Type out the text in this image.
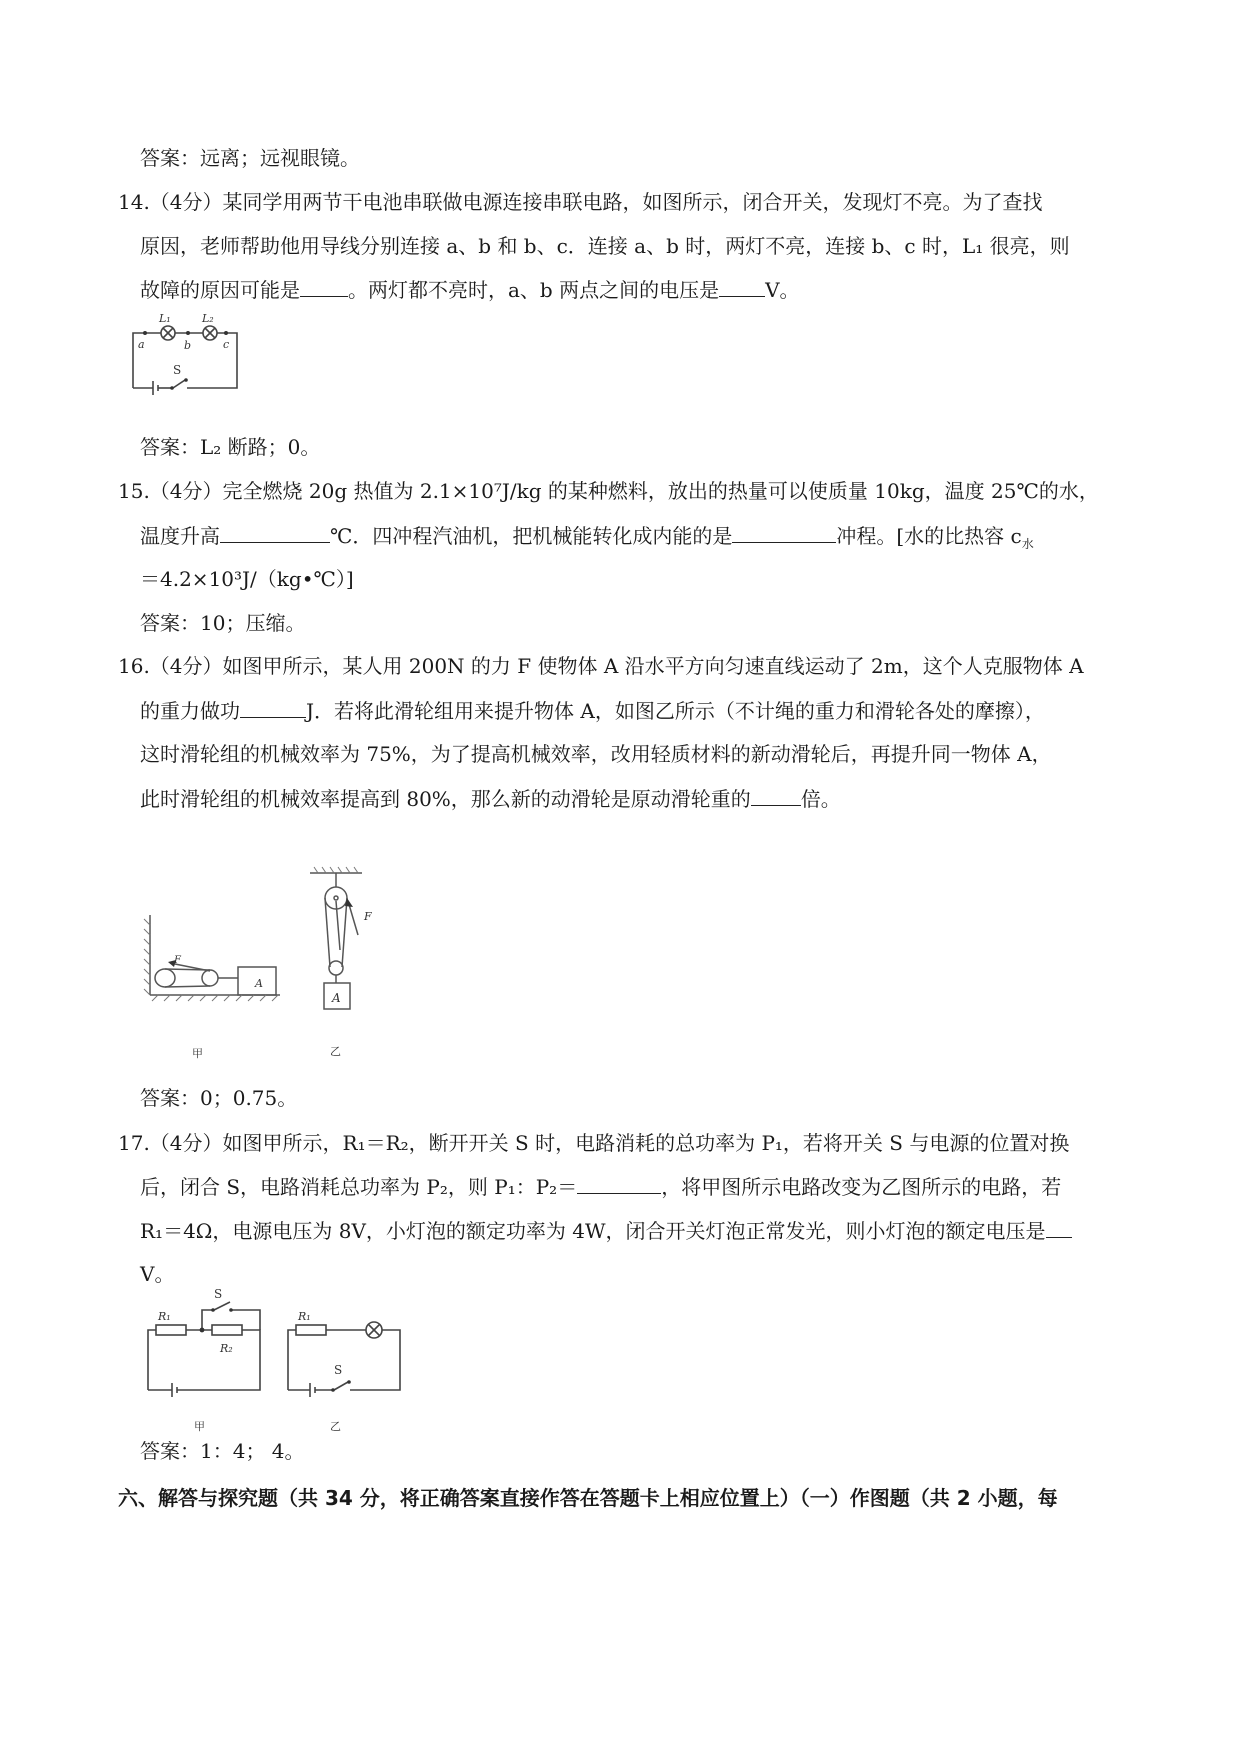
答案：远离；远视眼镜。
14.（4分）某同学用两节干电池串联做电源连接串联电路，如图所示，闭合开关，发现灯不亮。为了查找
原因，老师帮助他用导线分别连接 a、b 和 b、c．连接 a、b 时，两灯不亮，连接 b、c 时，L₁ 很亮，则
故障的原因可能是 。两灯都不亮时，a、b 两点之间的电压是 V。
L₁	L₂
a	b	c
S
答案：L₂ 断路；0。
15.（4分）完全燃烧 20g 热值为 2.1×10⁷J/kg 的某种燃料，放出的热量可以使质量 10kg，温度 25℃的水，
温度升高	℃．四冲程汽油机，把机械能转化成内能的是	冲程。[水的比热容 $c_水$
＝4.2×10³J/（kg•℃）]
答案：10；压缩。
16.（4分）如图甲所示，某人用 200N 的力 F 使物体 A 沿水平方向匀速直线运动了 2m，这个人克服物体 A
的重力做功	J．若将此滑轮组用来提升物体 A，如图乙所示（不计绳的重力和滑轮各处的摩擦），
这时滑轮组的机械效率为 75%，为了提高机械效率，改用轻质材料的新动滑轮后，再提升同一物体 A，
此时滑轮组的机械效率提高到 80%，那么新的动滑轮是原动滑轮重的	倍。
F
A
甲
F
A
乙
答案：0；0.75。
17.（4分）如图甲所示，R₁＝R₂，断开开关 S 时，电路消耗的总功率为 P₁，若将开关 S 与电源的位置对换
后，闭合 S，电路消耗总功率为 P₂，则 P₁：P₂＝	，将甲图所示电路改变为乙图所示的电路，若
R₁＝4Ω，电源电压为 8V，小灯泡的额定功率为 4W，闭合开关灯泡正常发光，则小灯泡的额定电压是
V。
S
R₁
R₂
甲
R₁
S
乙
答案：1：4； 4。
六、解答与探究题（共 34 分，将正确答案直接作答在答题卡上相应位置上）（一）作图题（共 2 小题，每
